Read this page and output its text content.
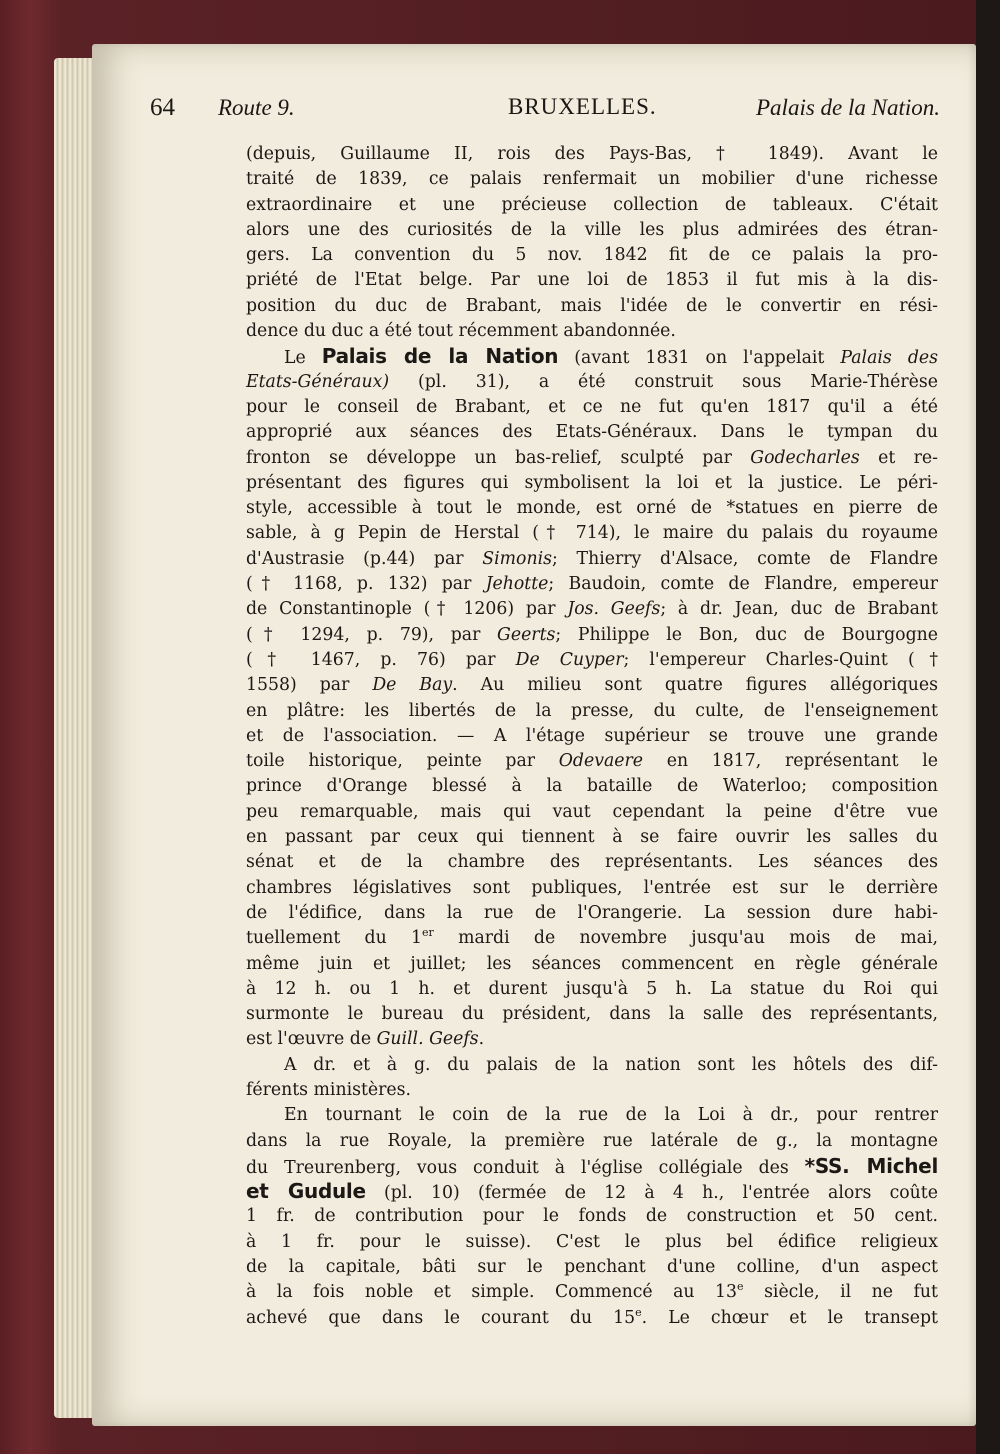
64 Route 9.	BRUXELLES.	Palais de la Nation.
(depuis, Guillaume II, rois des Pays-Bas, † 1849). Avant le
traité de 1839, ce palais renfermait un mobilier d'une richesse
extraordinaire et une précieuse collection de tableaux. C'était
alors une des curiosités de la ville les plus admirées des étran-
gers. La convention du 5 nov. 1842 fit de ce palais la pro-
priété de l'Etat belge. Par une loi de 1853 il fut mis à la dis-
position du duc de Brabant, mais l'idée de le convertir en rési-
dence du duc a été tout récemment abandonnée.
Le Palais de la Nation (avant 1831 on l'appelait Palais des
Etats-Généraux) (pl. 31), a été construit sous Marie-Thérèse
pour le conseil de Brabant, et ce ne fut qu'en 1817 qu'il a été
approprié aux séances des Etats-Généraux. Dans le tympan du
fronton se développe un bas-relief, sculpté par Godecharles et re-
présentant des figures qui symbolisent la loi et la justice. Le péri-
style, accessible à tout le monde, est orné de *statues en pierre de
sable, à g Pepin de Herstal († 714), le maire du palais du royaume
d'Austrasie (p.44) par Simonis; Thierry d'Alsace, comte de Flandre
(† 1168, p. 132) par Jehotte; Baudoin, comte de Flandre, empereur
de Constantinople († 1206) par Jos. Geefs; à dr. Jean, duc de Brabant
(† 1294, p. 79), par Geerts; Philippe le Bon, duc de Bourgogne
(† 1467, p. 76) par De Cuyper; l'empereur Charles-Quint (†
1558) par De Bay. Au milieu sont quatre figures allégoriques
en plâtre: les libertés de la presse, du culte, de l'enseignement
et de l'association. — A l'étage supérieur se trouve une grande
toile historique, peinte par Odevaere en 1817, représentant le
prince d'Orange blessé à la bataille de Waterloo; composition
peu remarquable, mais qui vaut cependant la peine d'être vue
en passant par ceux qui tiennent à se faire ouvrir les salles du
sénat et de la chambre des représentants. Les séances des
chambres législatives sont publiques, l'entrée est sur le derrière
de l'édifice, dans la rue de l'Orangerie. La session dure habi-
tuellement du 1er mardi de novembre jusqu'au mois de mai,
même juin et juillet; les séances commencent en règle générale
à 12 h. ou 1 h. et durent jusqu'à 5 h. La statue du Roi qui
surmonte le bureau du président, dans la salle des représentants,
est l'œuvre de Guill. Geefs.
A dr. et à g. du palais de la nation sont les hôtels des dif-
férents ministères.
En tournant le coin de la rue de la Loi à dr., pour rentrer
dans la rue Royale, la première rue latérale de g., la montagne
du Treurenberg, vous conduit à l'église collégiale des *SS. Michel
et Gudule (pl. 10) (fermée de 12 à 4 h., l'entrée alors coûte
1 fr. de contribution pour le fonds de construction et 50 cent.
à 1 fr. pour le suisse). C'est le plus bel édifice religieux
de la capitale, bâti sur le penchant d'une colline, d'un aspect
à la fois noble et simple. Commencé au 13e siècle, il ne fut
achevé que dans le courant du 15e. Le chœur et le transept
